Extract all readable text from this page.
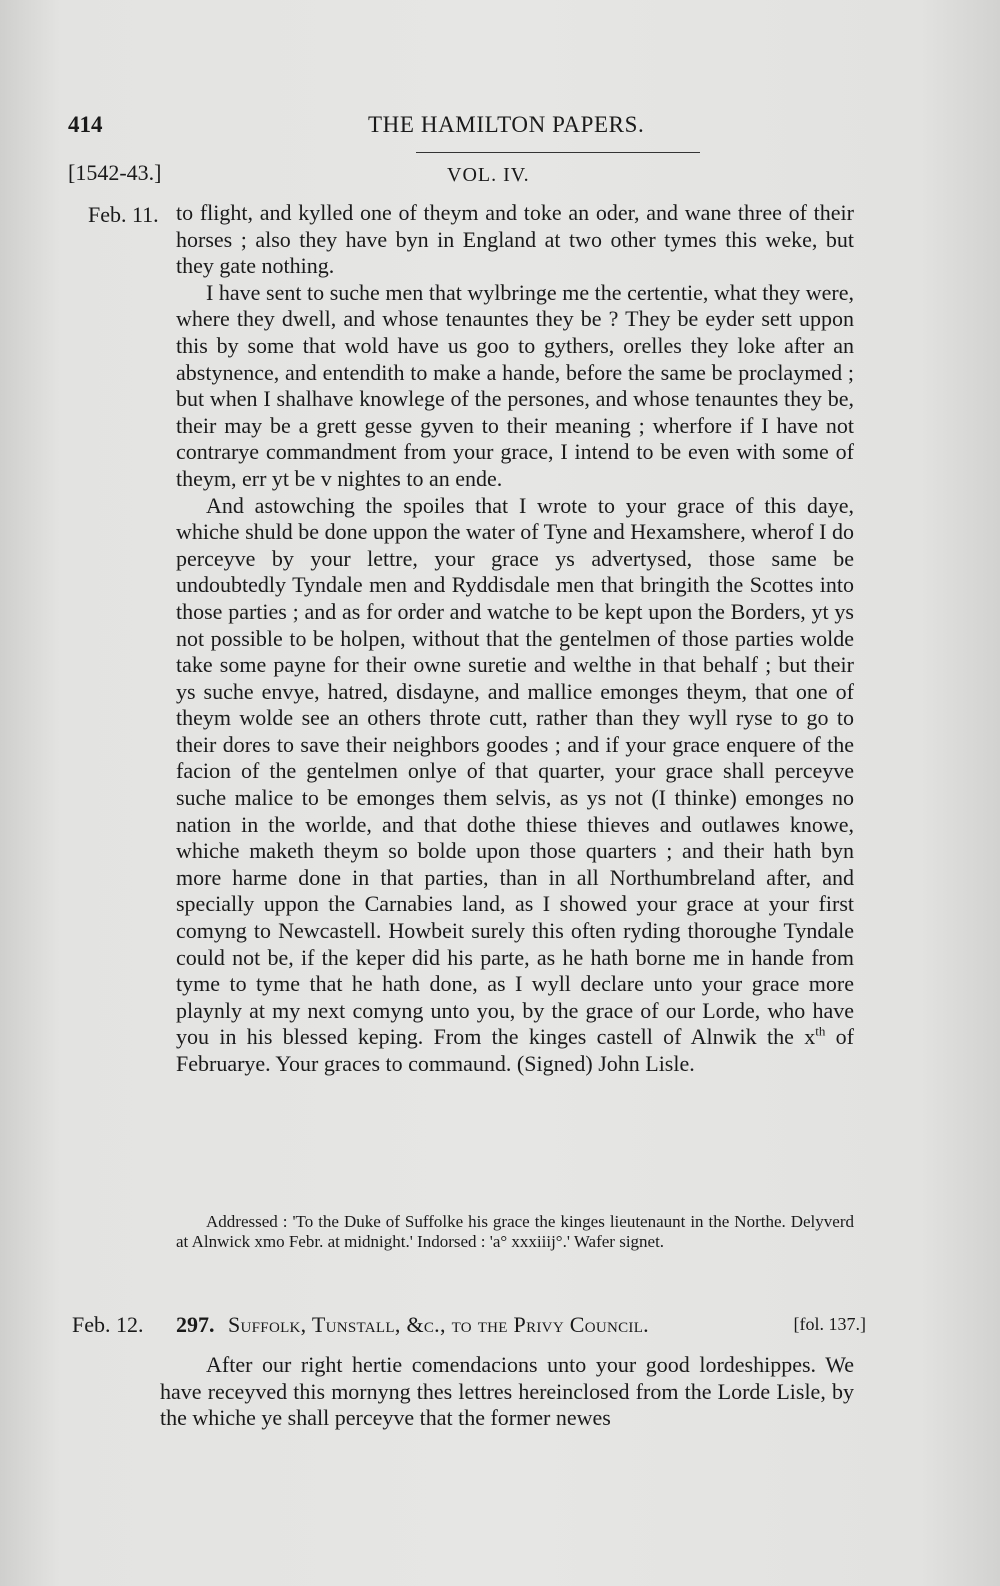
414	THE HAMILTON PAPERS.
[1542-43.]	VOL. IV.
Feb. 11. to flight, and kylled one of theym and toke an oder, and wane three of their horses ; also they have byn in England at two other tymes this weke, but they gate nothing.

I have sent to suche men that wylbringe me the certentie, what they were, where they dwell, and whose tenauntes they be ? They be eyder sett uppon this by some that wold have us goo to gythers, orelles they loke after an abstynence, and entendith to make a hande, before the same be proclaymed ; but when I shalhave knowlege of the persones, and whose tenauntes they be, their may be a grett gesse gyven to their meaning ; wherfore if I have not contrarye commandment from your grace, I intend to be even with some of theym, err yt be v nightes to an ende.

And astowching the spoiles that I wrote to your grace of this daye, whiche shuld be done uppon the water of Tyne and Hexamshere, wherof I do perceyve by your lettre, your grace ys advertysed, those same be undoubtedly Tyndale men and Ryddisdale men that bringith the Scottes into those parties ; and as for order and watche to be kept upon the Borders, yt ys not possible to be holpen, without that the gentelmen of those parties wolde take some payne for their owne suretie and welthe in that behalf ; but their ys suche envye, hatred, disdayne, and mallice emonges theym, that one of theym wolde see an others throte cutt, rather than they wyll ryse to go to their dores to save their neighbors goodes ; and if your grace enquere of the facion of the gentelmen onlye of that quarter, your grace shall perceyve suche malice to be emonges them selvis, as ys not (I thinke) emonges no nation in the worlde, and that dothe thiese thieves and outlawes knowe, whiche maketh theym so bolde upon those quarters ; and their hath byn more harme done in that parties, than in all Northumbreland after, and specially uppon the Carnabies land, as I showed your grace at your first comyng to Newcastell. Howbeit surely this often ryding thoroughe Tyndale could not be, if the keper did his parte, as he hath borne me in hande from tyme to tyme that he hath done, as I wyll declare unto your grace more playnly at my next comyng unto you, by the grace of our Lorde, who have you in his blessed keping. From the kinges castell of Alnwik the $x^{th}$ of Februarye. Your graces to commaund. (Signed) John Lisle.

Addressed : 'To the Duke of Suffolke his grace the kinges lieutenaunt in the Northe. Delyverd at Alnwick xmo Febr. at midnight.' Indorsed : 'a° xxxiiij°.' Wafer signet.
Feb. 12. 297. Suffolk, Tunstall, &c., to the Privy Council.	[fol. 137.]

After our right hertie comendacions unto your good lordeshippes. We have receyved this mornyng thes lettres hereinclosed from the Lorde Lisle, by the whiche ye shall perceyve that the former newes
